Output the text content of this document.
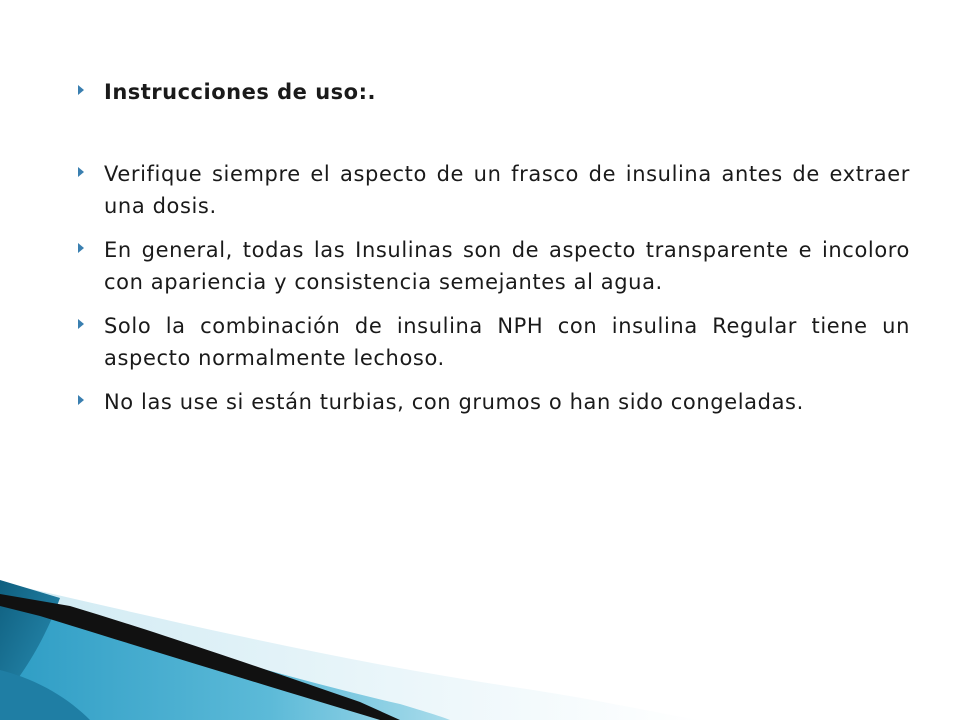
Instrucciones de uso:.
Verifique siempre el aspecto de un frasco de insulina antes de extraer una dosis.
En general, todas las Insulinas son de aspecto transparente e incoloro con apariencia y consistencia semejantes al agua.
Solo la combinación de insulina NPH con insulina Regular tiene un aspecto normalmente lechoso.
No las use si están turbias, con grumos o han sido congeladas.
